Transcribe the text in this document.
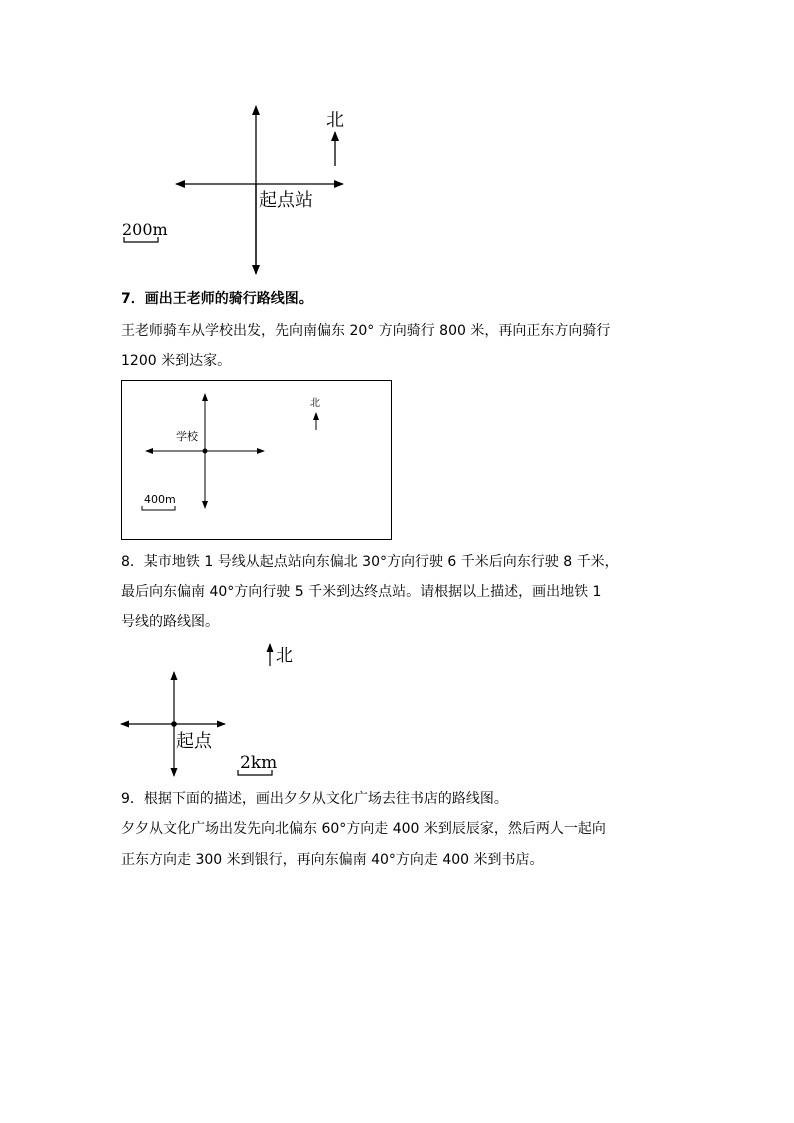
北
起点站
200m
7．画出王老师的骑行路线图。
王老师骑车从学校出发，先向南偏东 20° 方向骑行 800 米，再向正东方向骑行
1200 米到达家。
北
学校
400m
8．某市地铁 1 号线从起点站向东偏北 30°方向行驶 6 千米后向东行驶 8 千米，
最后向东偏南 40°方向行驶 5 千米到达终点站。请根据以上描述，画出地铁 1
号线的路线图。
北
起点
2km
9．根据下面的描述，画出夕夕从文化广场去往书店的路线图。
夕夕从文化广场出发先向北偏东 60°方向走 400 米到辰辰家，然后两人一起向
正东方向走 300 米到银行，再向东偏南 40°方向走 400 米到书店。
